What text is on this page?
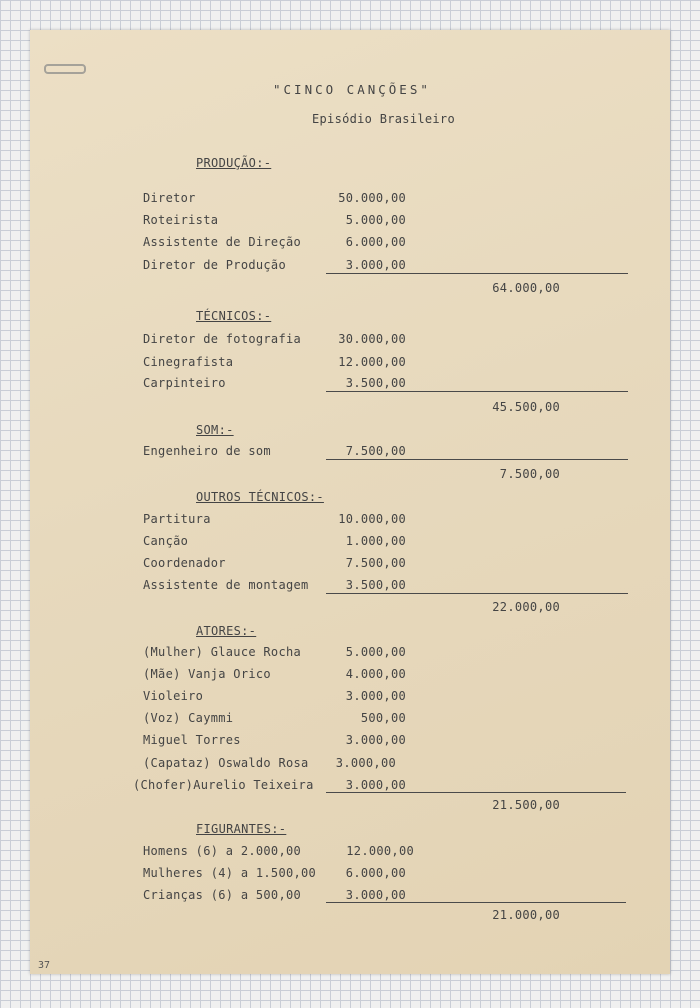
"CINCO CANÇÕES"
Episódio Brasileiro
PRODUÇÃO:-
Diretor	50.000,00
Roteirista	5.000,00
Assistente de Direção	6.000,00
Diretor de Produção	3.000,00
64.000,00
TÉCNICOS:-
Diretor de fotografia	30.000,00
Cinegrafista	12.000,00
Carpinteiro	3.500,00
45.500,00
SOM:-
Engenheiro de som	7.500,00
7.500,00
OUTROS TÉCNICOS:-
Partitura	10.000,00
Canção	1.000,00
Coordenador	7.500,00
Assistente de montagem	3.500,00
22.000,00
ATORES:-
(Mulher) Glauce Rocha	5.000,00
(Mãe) Vanja Orico	4.000,00
Violeiro	3.000,00
(Voz) Caymmi	500,00
Miguel Torres	3.000,00
(Capataz) Oswaldo Rosa	3.000,00
(Chofer)Aurelio Teixeira	3.000,00
21.500,00
FIGURANTES:-
Homens (6) a 2.000,00	12.000,00
Mulheres (4) a 1.500,00	6.000,00
Crianças (6) a 500,00	3.000,00
21.000,00
37
